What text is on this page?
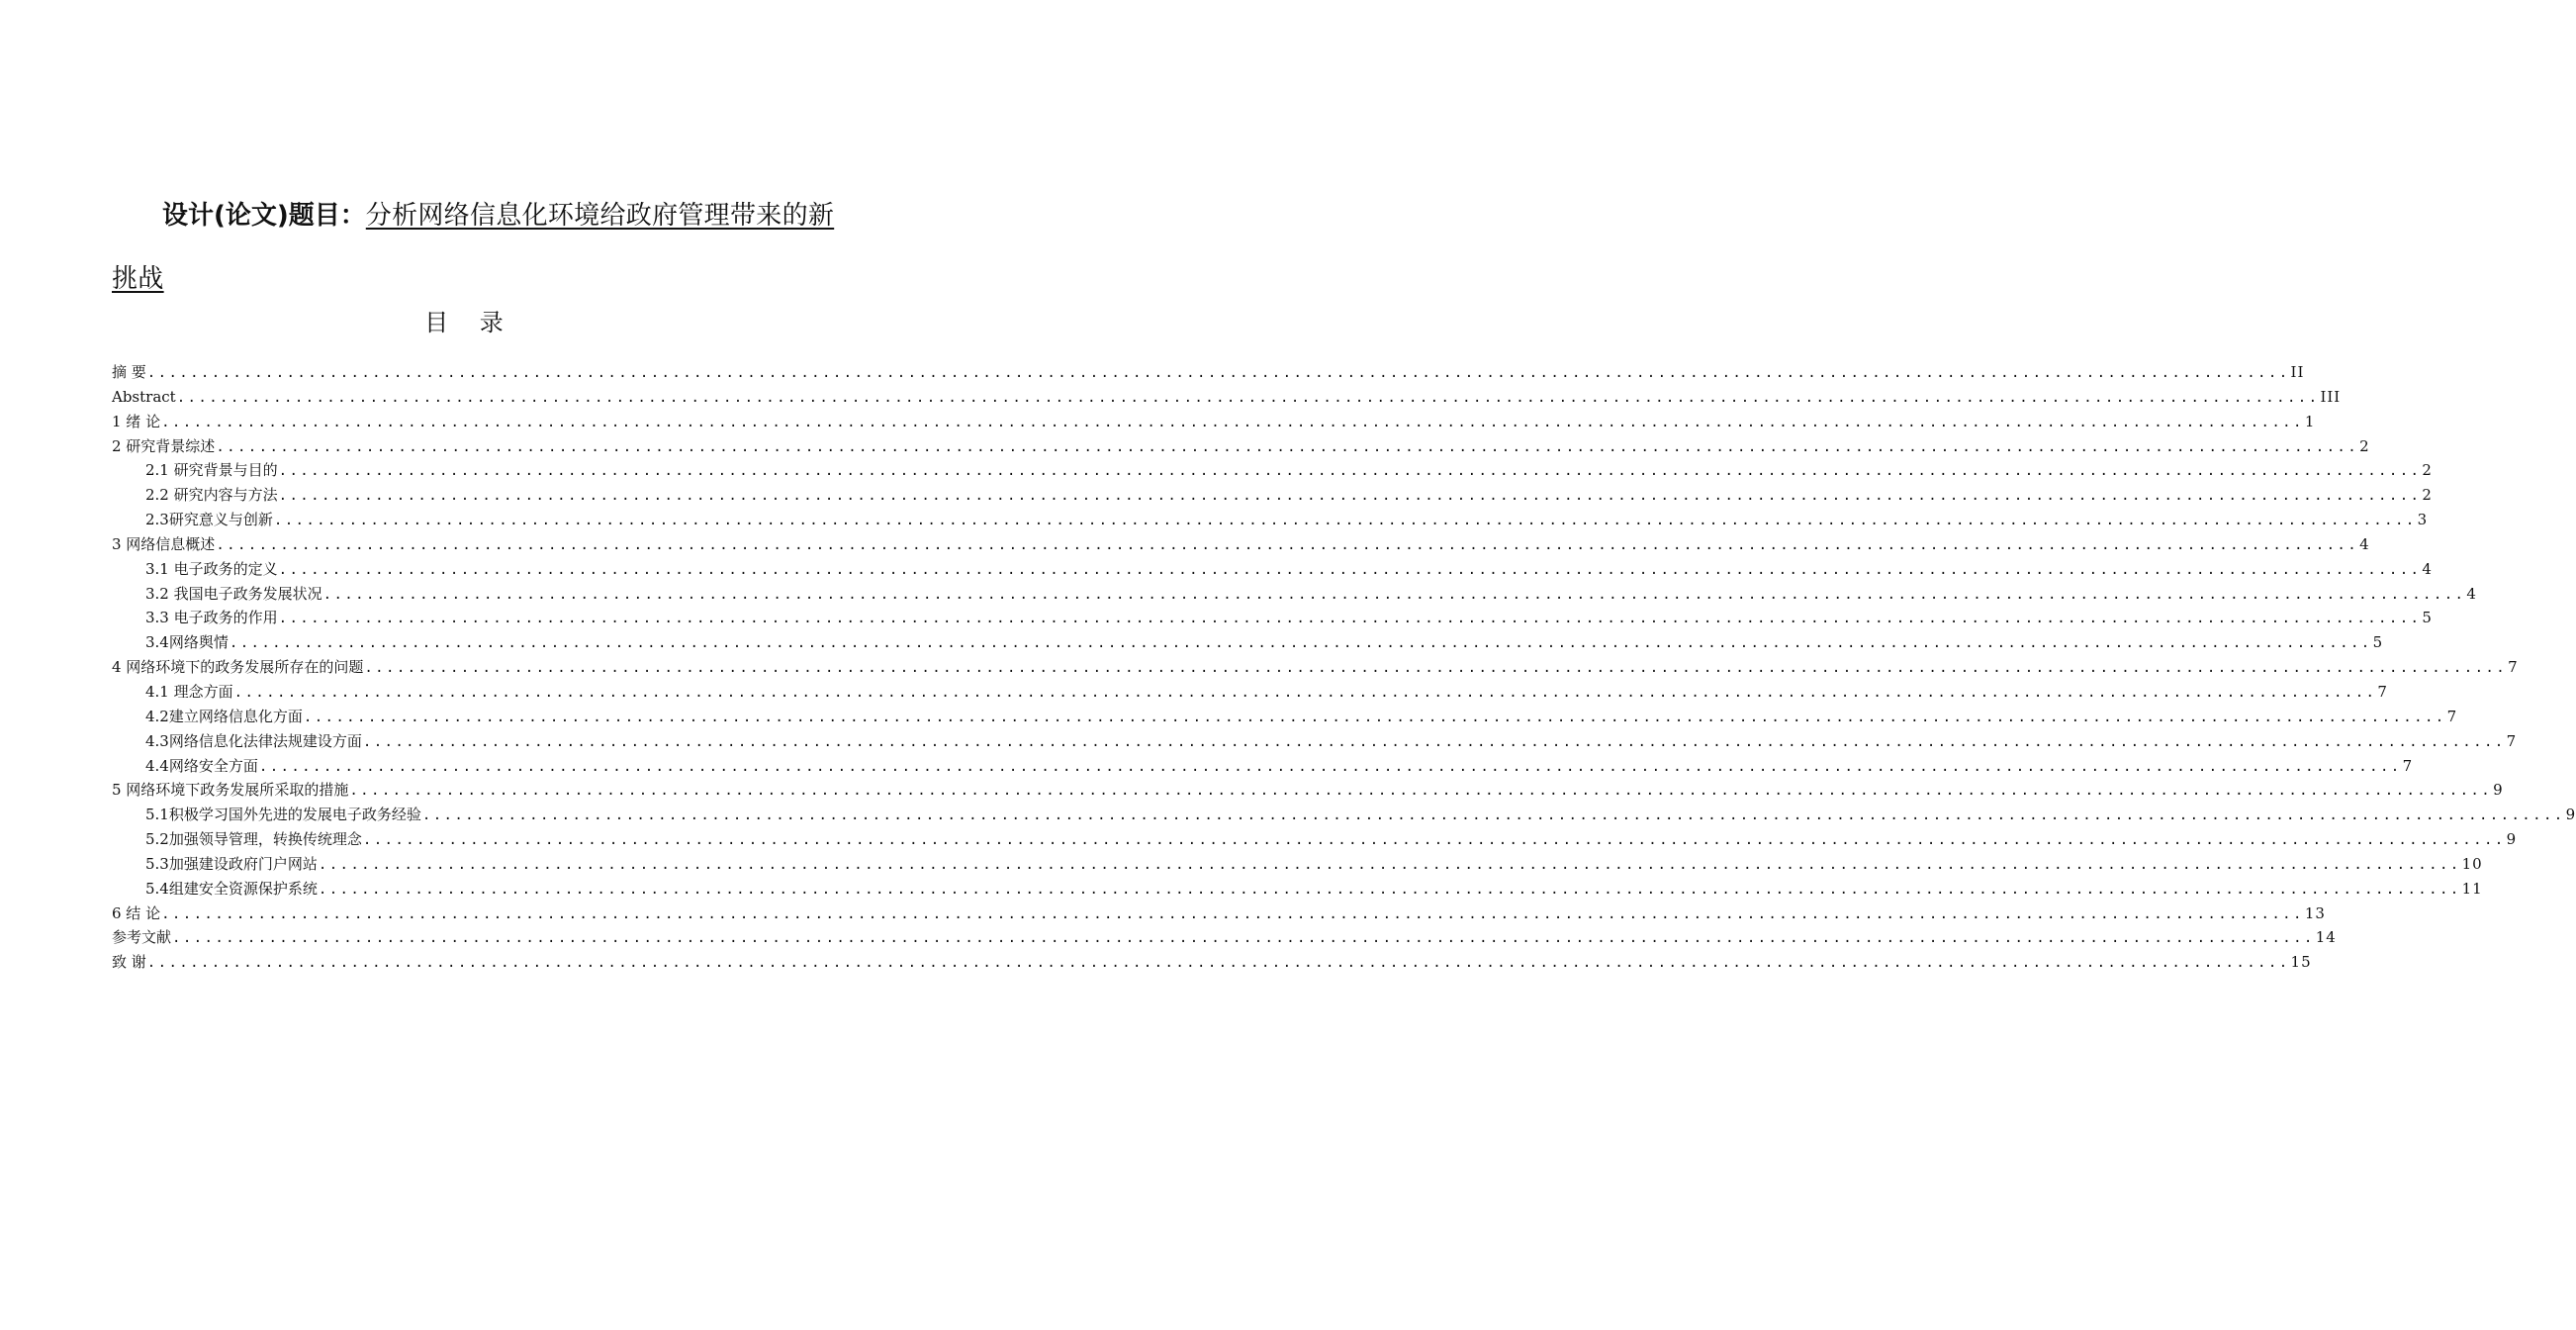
设计(论文)题目：分析网络信息化环境给政府管理带来的新挑战
目 录
摘 要 ........................................................................................................................................................................................................ II
Abstract ........................................................................................................................................................................................................ III
1 绪 论 ........................................................................................................................................................................................................ 1
2 研究背景综述 ........................................................................................................................................................................................................ 2
2.1 研究背景与目的 ........................................................................................................................................................................................................ 2
2.2 研究内容与方法 ........................................................................................................................................................................................................ 2
2.3研究意义与创新 ........................................................................................................................................................................................................ 3
3 网络信息概述 ........................................................................................................................................................................................................ 4
3.1 电子政务的定义 ........................................................................................................................................................................................................ 4
3.2 我国电子政务发展状况 ........................................................................................................................................................................................................ 4
3.3 电子政务的作用 ........................................................................................................................................................................................................ 5
3.4网络舆情 ........................................................................................................................................................................................................ 5
4 网络环境下的政务发展所存在的问题 ........................................................................................................................................................................................................ 7
4.1 理念方面 ........................................................................................................................................................................................................ 7
4.2建立网络信息化方面 ........................................................................................................................................................................................................ 7
4.3网络信息化法律法规建设方面 ........................................................................................................................................................................................................ 7
4.4网络安全方面 ........................................................................................................................................................................................................ 7
5 网络环境下政务发展所采取的措施 ........................................................................................................................................................................................................ 9
5.1积极学习国外先进的发展电子政务经验 ........................................................................................................................................................................................................ 9
5.2加强领导管理，转换传统理念 ........................................................................................................................................................................................................ 9
5.3加强建设政府门户网站 ........................................................................................................................................................................................................ 10
5.4组建安全资源保护系统 ........................................................................................................................................................................................................ 11
6 结 论 ........................................................................................................................................................................................................ 13
参考文献 ........................................................................................................................................................................................................ 14
致 谢 ........................................................................................................................................................................................................ 15
